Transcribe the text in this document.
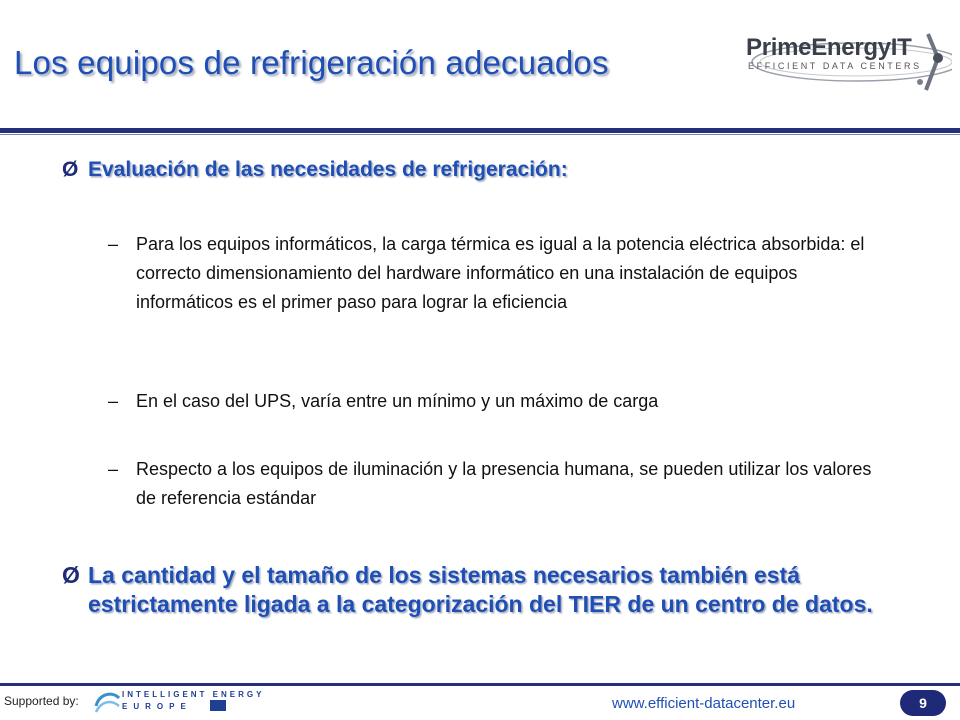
Los equipos de refrigeración adecuados	PrimeEnergyIT
EFFICIENT DATA CENTERS
Ø Evaluación de las necesidades de refrigeración:
– Para los equipos informáticos, la carga térmica es igual a la potencia eléctrica absorbida: el correcto dimensionamiento del hardware informático en una instalación de equipos informáticos es el primer paso para lograr la eficiencia
– En el caso del UPS, varía entre un mínimo y un máximo de carga
– Respecto a los equipos de iluminación y la presencia humana, se pueden utilizar los valores de referencia estándar
Ø La cantidad y el tamaño de los sistemas necesarios también está estrictamente ligada a la categorización del TIER de un centro de datos.
Supported by:	INTELLIGENT ENERGY
EUROPE	www.efficient-datacenter.eu	9
